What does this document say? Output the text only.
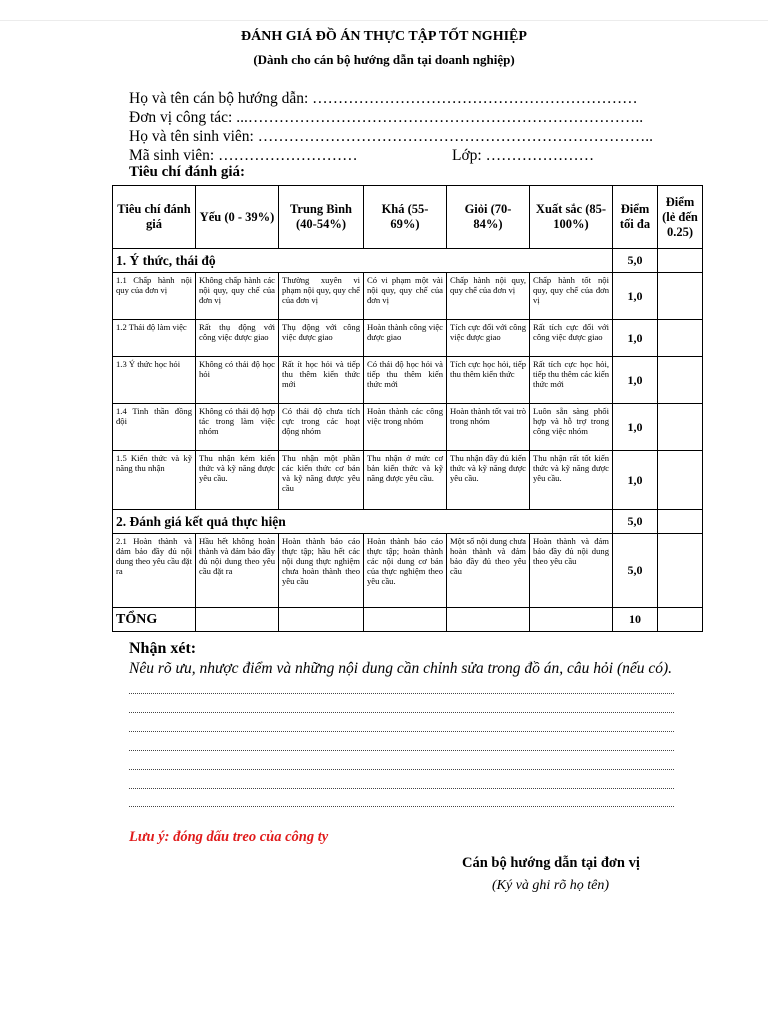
ĐÁNH GIÁ ĐỒ ÁN THỰC TẬP TỐT NGHIỆP
(Dành cho cán bộ hướng dẫn tại doanh nghiệp)
Họ và tên cán bộ hướng dẫn: ………………………………………………………
Đơn vị công tác: ...…………………………………………………………………..
Họ và tên sinh viên: …………………………………………………………………..
Mã sinh viên: ………………………	Lớp: …………………
Tiêu chí đánh giá:
Tiêu chí đánh giá	Yếu (0 - 39%)	Trung Bình (40-54%)	Khá (55-69%)	Giỏi (70-84%)	Xuất sắc (85-100%)	Điểm tối đa	Điểm (lẻ đến 0.25)
1. Ý thức, thái độ						5,0	
1.1 Chấp hành nội quy của đơn vị	Không chấp hành các nội quy, quy chế của đơn vị	Thường xuyên vi phạm nội quy, quy chế của đơn vị	Có vi phạm một vài nội quy, quy chế của đơn vị	Chấp hành nội quy, quy chế của đơn vị	Chấp hành tốt nội quy, quy chế của đơn vị	1,0	
1.2 Thái độ làm việc	Rất thụ động với công việc được giao	Thụ động với công việc được giao	Hoàn thành công việc được giao	Tích cực đối với công việc được giao	Rất tích cực đối với công việc được giao	1,0	
1.3 Ý thức học hỏi	Không có thái độ học hỏi	Rất ít học hỏi và tiếp thu thêm kiến thức mới	Có thái độ học hỏi và tiếp thu thêm kiến thức mới	Tích cực học hỏi, tiếp thu thêm kiến thức	Rất tích cực học hỏi, tiếp thu thêm các kiến thức mới	1,0	
1.4 Tinh thần đồng đội	Không có thái độ hợp tác trong làm việc nhóm	Có thái độ chưa tích cực trong các hoạt động nhóm	Hoàn thành các công việc trong nhóm	Hoàn thành tốt vai trò trong nhóm	Luôn sẵn sàng phối hợp và hỗ trợ trong công việc nhóm	1,0	
1.5 Kiến thức và kỹ năng thu nhận	Thu nhận kém kiến thức và kỹ năng được yêu cầu.	Thu nhận một phần các kiến thức cơ bản và kỹ năng được yêu cầu	Thu nhận ở mức cơ bản kiến thức và kỹ năng được yêu cầu.	Thu nhận đầy đủ kiến thức và kỹ năng được yêu cầu.	Thu nhận rất tốt kiến thức và kỹ năng được yêu cầu.	1,0	
2. Đánh giá kết quả thực hiện						5,0	
2.1 Hoàn thành và đảm bảo đầy đủ nội dung theo yêu cầu đặt ra	Hầu hết không hoàn thành và đảm bảo đầy đủ nội dung theo yêu cầu đặt ra	Hoàn thành báo cáo thực tập; hầu hết các nội dung thực nghiệm chưa hoàn thành theo yêu cầu	Hoàn thành báo cáo thực tập; hoàn thành các nội dung cơ bản của thực nghiệm theo yêu cầu.	Một số nội dung chưa hoàn thành và đảm bảo đầy đủ theo yêu cầu	Hoàn thành và đảm bảo đầy đủ nội dung theo yêu cầu	5,0	
TỔNG						10	
Nhận xét:
Nêu rõ ưu, nhược điểm và những nội dung cần chỉnh sửa trong đồ án, câu hỏi (nếu có).
Lưu ý: đóng dấu treo của công ty
Cán bộ hướng dẫn tại đơn vị
(Ký và ghi rõ họ tên)
